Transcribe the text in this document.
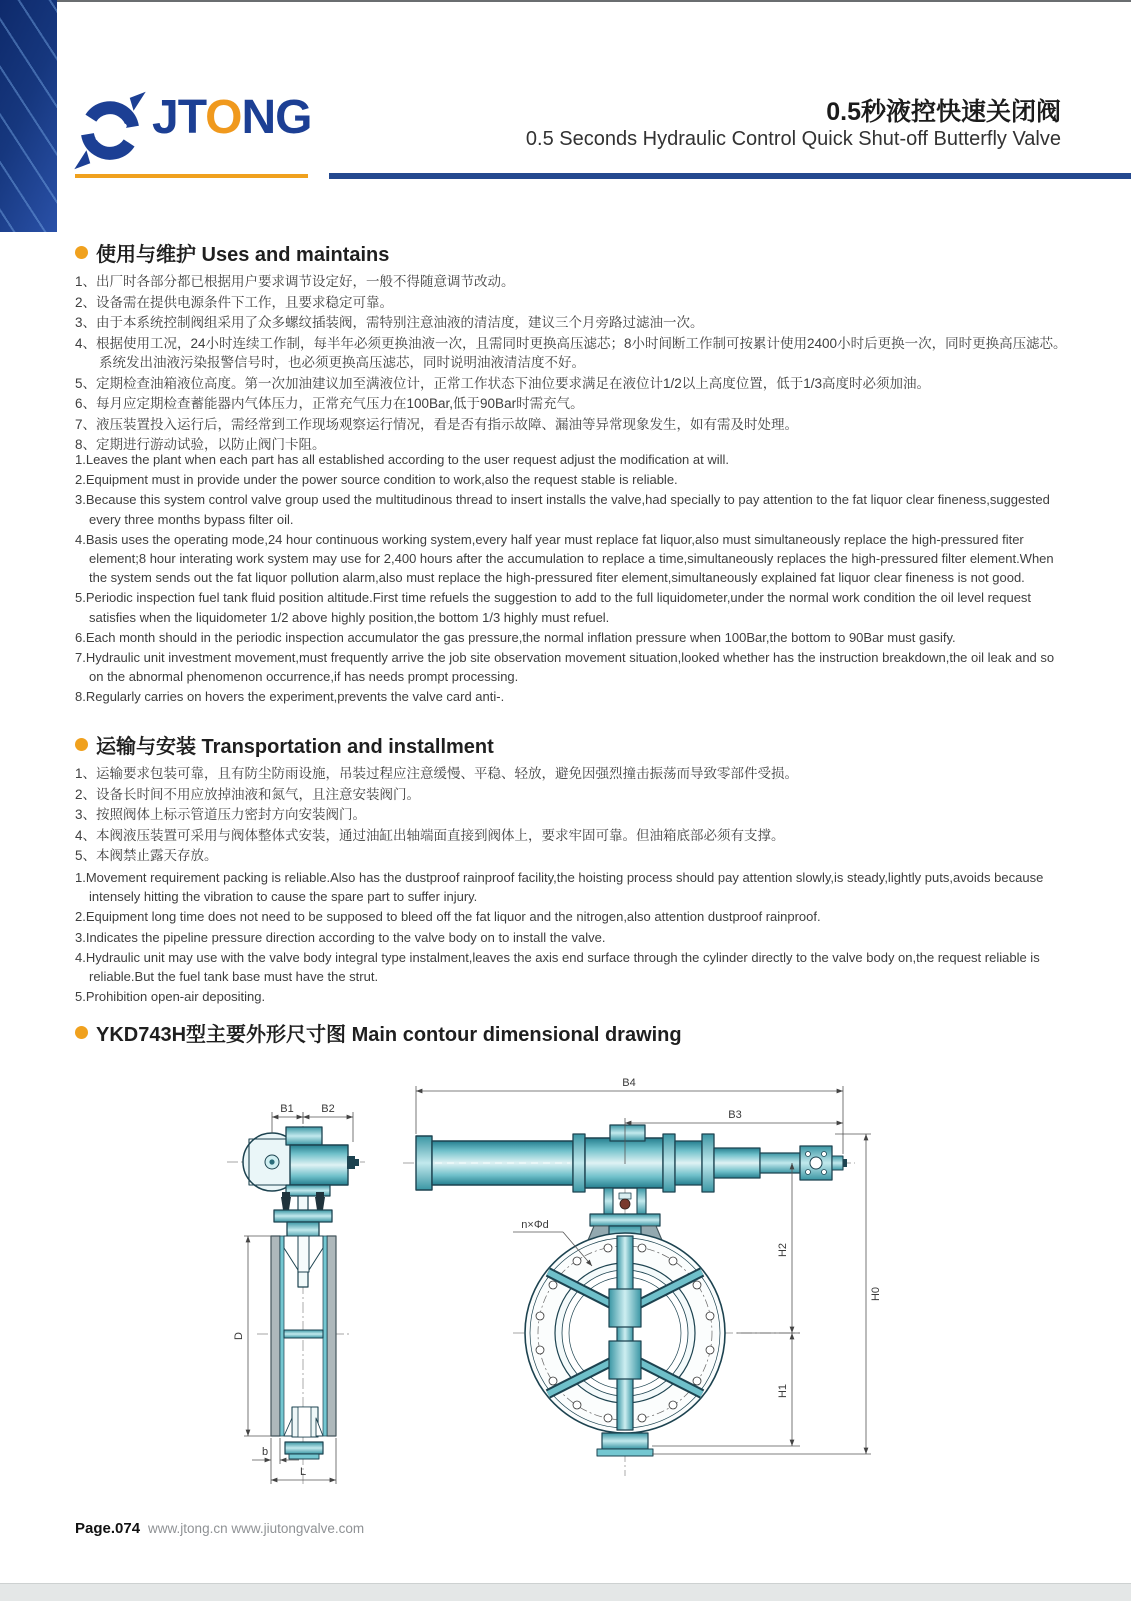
JTONG	0.5秒液控快速关闭阀
0.5 Seconds Hydraulic Control Quick Shut-off Butterfly Valve
使用与维护 Uses and maintains
1、出厂时各部分都已根据用户要求调节设定好，一般不得随意调节改动。
2、设备需在提供电源条件下工作，且要求稳定可靠。
3、由于本系统控制阀组采用了众多螺纹插装阀，需特别注意油液的清洁度，建议三个月旁路过滤油一次。
4、根据使用工况，24小时连续工作制，每半年必须更换油液一次，且需同时更换高压滤芯；8小时间断工作制可按累计使用2400小时后更换一次，同时更换高压滤芯。系统发出油液污染报警信号时，也必须更换高压滤芯，同时说明油液清洁度不好。
5、定期检查油箱液位高度。第一次加油建议加至满液位计，正常工作状态下油位要求满足在液位计1/2以上高度位置，低于1/3高度时必须加油。
6、每月应定期检查蓄能器内气体压力，正常充气压力在100Bar,低于90Bar时需充气。
7、液压装置投入运行后，需经常到工作现场观察运行情况，看是否有指示故障、漏油等异常现象发生，如有需及时处理。
8、定期进行游动试验，以防止阀门卡阻。
1.Leaves the plant when each part has all established according to the user request adjust the modification at will.
2.Equipment must in provide under the power source condition to work,also the request stable is reliable.
3.Because this system control valve group used the multitudinous thread to insert installs the valve,had specially to pay attention to the fat liquor clear fineness,suggested every three months bypass filter oil.
4.Basis uses the operating mode,24 hour continuous working system,every half year must replace fat liquor,also must simultaneously replace the high-pressured fiter element;8 hour interating work system may use for 2,400 hours after the accumulation to replace a time,simultaneously replaces the high-pressured filter element.When the system sends out the fat liquor pollution alarm,also must replace the high-pressured fiter element,simultaneously explained fat liquor clear fineness is not good.
5.Periodic inspection fuel tank fluid position altitude.First time refuels the suggestion to add to the full liquidometer,under the normal work condition the oil level request satisfies when the liquidometer 1/2 above highly position,the bottom 1/3 highly must refuel.
6.Each month should in the periodic inspection accumulator the gas pressure,the normal inflation pressure when 100Bar,the bottom to 90Bar must gasify.
7.Hydraulic unit investment movement,must frequently arrive the job site observation movement situation,looked whether has the instruction breakdown,the oil leak and so on the abnormal phenomenon occurrence,if has needs prompt processing.
8.Regularly carries on hovers the experiment,prevents the valve card anti-.
运输与安装 Transportation and installment
1、运输要求包装可靠，且有防尘防雨设施，吊装过程应注意缓慢、平稳、轻放，避免因强烈撞击振荡而导致零部件受损。
2、设备长时间不用应放掉油液和氮气，且注意安装阀门。
3、按照阀体上标示管道压力密封方向安装阀门。
4、本阀液压装置可采用与阀体整体式安装，通过油缸出轴端面直接到阀体上，要求牢固可靠。但油箱底部必须有支撑。
5、本阀禁止露天存放。
1.Movement requirement packing is reliable.Also has the dustproof rainproof facility,the hoisting process should pay attention slowly,is steady,lightly puts,avoids because intensely hitting the vibration to cause the spare part to suffer injury.
2.Equipment long time does not need to be supposed to bleed off the fat liquor and the nitrogen,also attention dustproof rainproof.
3.Indicates the pipeline pressure direction according to the valve body on to install the valve.
4.Hydraulic unit may use with the valve body integral type instalment,leaves the axis end surface through the cylinder directly to the valve body on,the request reliable is reliable.But the fuel tank base must have the strut.
5.Prohibition open-air depositing.
YKD743H型主要外形尺寸图 Main contour dimensional drawing
B1	B2
D
b
L
B4
B3
H0
H2
H1
n×Φd
Page.074 www.jtong.cn www.jiutongvalve.com
